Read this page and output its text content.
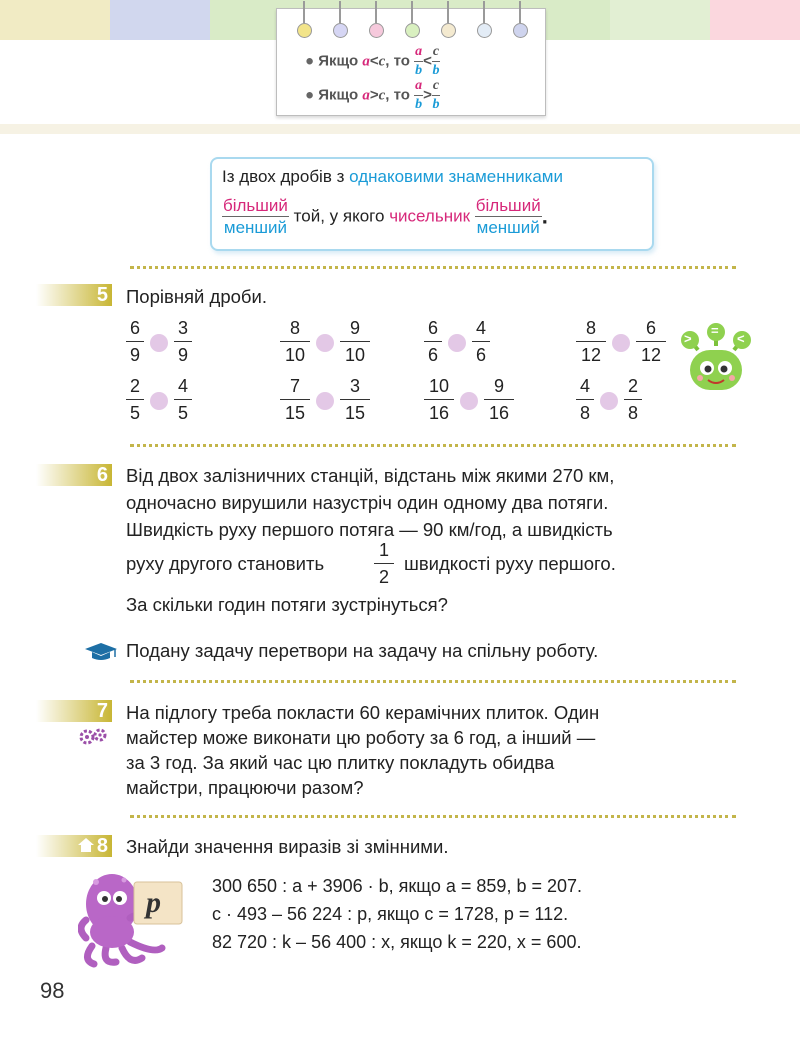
● Якщо a<c, то $\frac{a}{b} < \frac{c}{b}$
● Якщо a>c, то $\frac{a}{b} > \frac{c}{b}$
Із двох дробів з однаковими знаменниками
$\frac{\text{більший}}{\text{менший}}$ той, у якого чисельник $\frac{\text{більший}}{\text{менший}}$ .
5 Порівняй дроби.
6
9
3
9
8
10
9
10
6
6
4
6
8
12
6
12
2
5
4
5
7
15
3
15
10
16
9
16
4
8
2
8
>
=
<
6 Від двох залізничних станцій, відстань між якими 270 км,
одночасно вирушили назустріч один одному два потяги.
Швидкість руху першого потяга — 90 км/год, а швидкість
руху другого становить
1
2
швидкості руху першого.
За скільки годин потяги зустрінуться?
Подану задачу перетвори на задачу на спільну роботу.
7 На підлогу треба покласти 60 керамічних плиток. Один
майстер може виконати цю роботу за 6 год, а інший —
за 3 год. За який час цю плитку покладуть обидва
майстри, працюючи разом?
8 Знайди значення виразів зі змінними.
p	300 650 : a + 3906 · b, якщо a = 859, b = 207.
c · 493 – 56 224 : p, якщо c = 1728, p = 112.
82 720 : k – 56 400 : x, якщо k = 220, x = 600.
98
